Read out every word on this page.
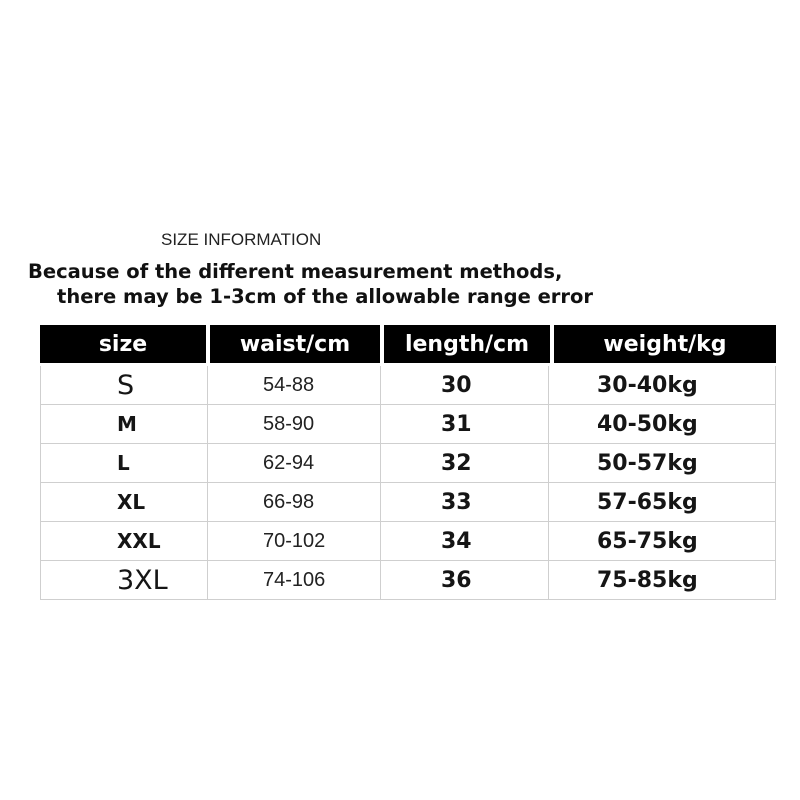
SIZE INFORMATION
Because of the different measurement methods,
there may be 1-3cm of the allowable range error
size	waist/cm	length/cm	weight/kg
S	54-88	30	30-40kg
M	58-90	31	40-50kg
L	62-94	32	50-57kg
XL	66-98	33	57-65kg
XXL	70-102	34	65-75kg
3XL	74-106	36	75-85kg
